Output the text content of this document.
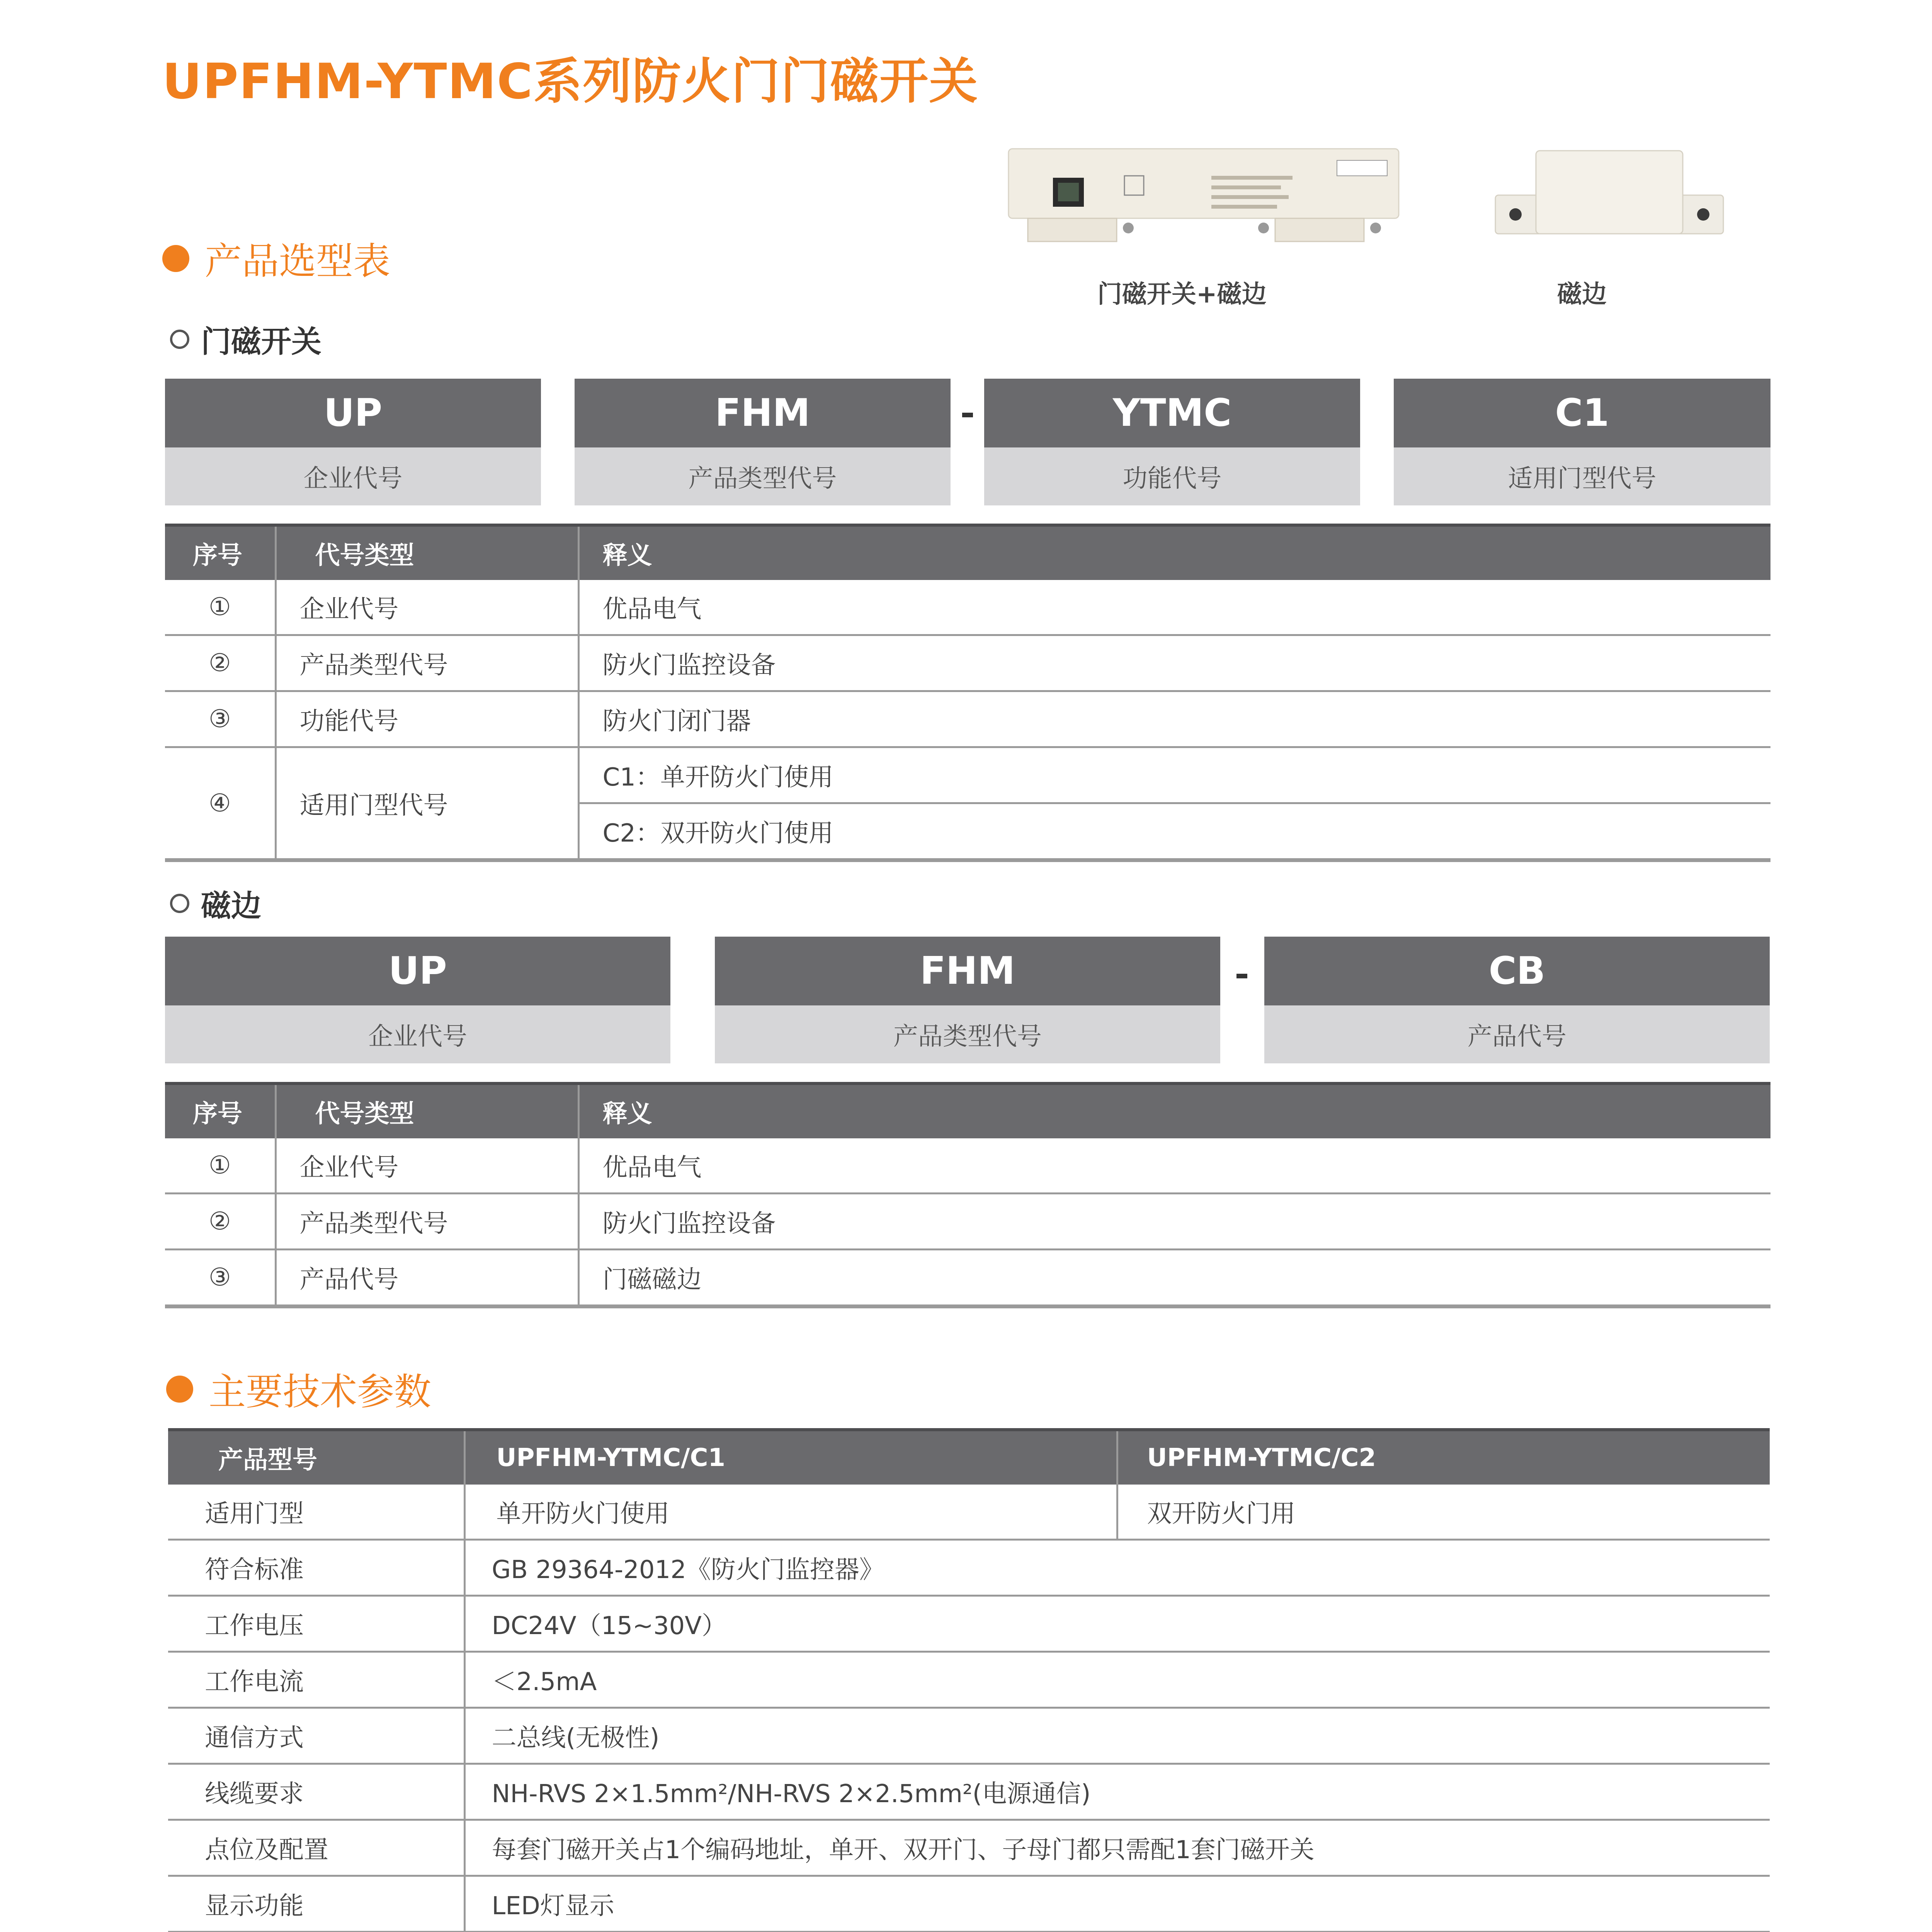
UPFHM-YTMC系列防火门门磁开关
门磁开关+磁边	磁边
产品选型表
门磁开关
UP
企业代号
FHM
产品类型代号
YTMC
功能代号
C1
适用门型代号
序号	代号类型	释义
①	企业代号	优品电气
②	产品类型代号	防火门监控设备
③	功能代号	防火门闭门器
④	适用门型代号	C1：单开防火门使用
		C2：双开防火门使用
磁边
UP
企业代号
FHM
产品类型代号
CB
产品代号
序号	代号类型	释义
①	企业代号	优品电气
②	产品类型代号	防火门监控设备
③	产品代号	门磁磁边
主要技术参数
产品型号	UPFHM-YTMC/C1	UPFHM-YTMC/C2
适用门型	单开防火门使用	双开防火门用
符合标准	GB 29364-2012《防火门监控器》	
工作电压	DC24V（15~30V）	
工作电流	＜2.5mA	
通信方式	二总线(无极性)	
线缆要求	NH-RVS 2×1.5mm²/NH-RVS 2×2.5mm²(电源通信)	
点位及配置	每套门磁开关占1个编码地址，单开、双开门、子母门都只需配1套门磁开关	
显示功能	LED灯显示	
